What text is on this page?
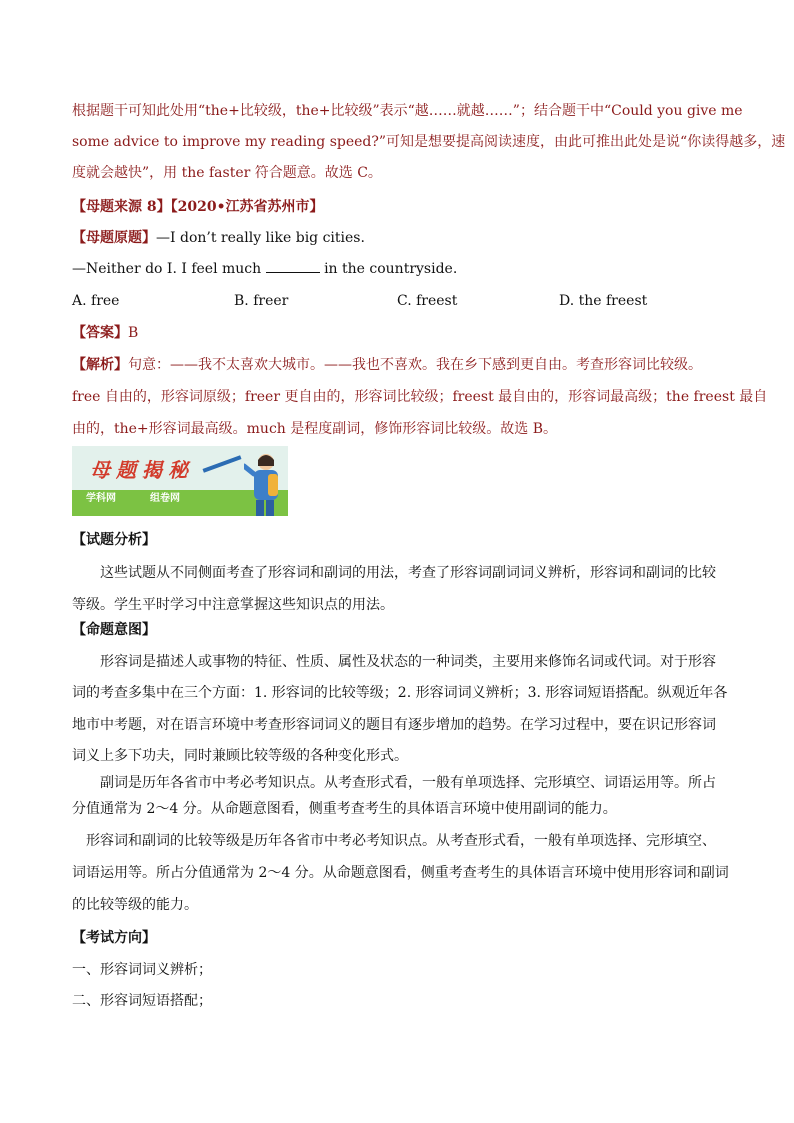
根据题干可知此处用“the+比较级，the+比较级”表示“越……就越……”；结合题干中“Could you give me
some advice to improve my reading speed?”可知是想要提高阅读速度，由此可推出此处是说“你读得越多，速
度就会越快”，用 the faster 符合题意。故选 C。
【母题来源 8】【2020•江苏省苏州市】
【母题原题】—I don’t really like big cities.
—Neither do I. I feel much	in the countryside.
A. free	B. freer	C. freest	D. the freest
【答案】B
【解析】句意：——我不太喜欢大城市。——我也不喜欢。我在乡下感到更自由。考查形容词比较级。
free 自由的，形容词原级；freer 更自由的，形容词比较级；freest 最自由的，形容词最高级；the freest 最自
由的，the+形容词最高级。much 是程度副词，修饰形容词比较级。故选 B。
母题揭秘
学科网	组卷网
【试题分析】
这些试题从不同侧面考查了形容词和副词的用法，考查了形容词副词词义辨析，形容词和副词的比较
等级。学生平时学习中注意掌握这些知识点的用法。
【命题意图】
形容词是描述人或事物的特征、性质、属性及状态的一种词类，主要用来修饰名词或代词。对于形容
词的考查多集中在三个方面：1. 形容词的比较等级；2. 形容词词义辨析；3. 形容词短语搭配。纵观近年各
地市中考题，对在语言环境中考查形容词词义的题目有逐步增加的趋势。在学习过程中，要在识记形容词
词义上多下功夫，同时兼顾比较等级的各种变化形式。
副词是历年各省市中考必考知识点。从考查形式看，一般有单项选择、完形填空、词语运用等。所占
分值通常为 2～4 分。从命题意图看，侧重考查考生的具体语言环境中使用副词的能力。
形容词和副词的比较等级是历年各省市中考必考知识点。从考查形式看，一般有单项选择、完形填空、
词语运用等。所占分值通常为 2～4 分。从命题意图看，侧重考查考生的具体语言环境中使用形容词和副词
的比较等级的能力。
【考试方向】
一、形容词词义辨析；
二、形容词短语搭配；
